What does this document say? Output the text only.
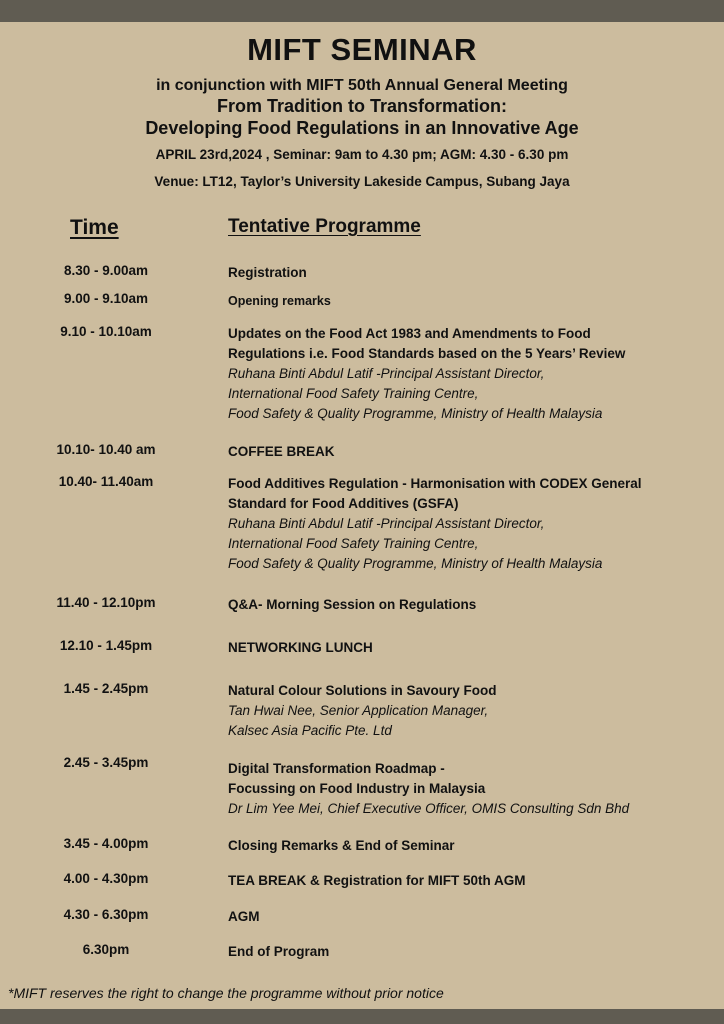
MIFT SEMINAR
in conjunction with MIFT 50th Annual General Meeting
From Tradition to Transformation:
Developing Food Regulations in an Innovative Age
APRIL 23rd,2024 , Seminar: 9am to 4.30 pm; AGM: 4.30 - 6.30 pm
Venue: LT12, Taylor’s University Lakeside Campus, Subang Jaya
Time	Tentative Programme
8.30 - 9.00am	Registration
9.00 - 9.10am	Opening remarks
9.10 - 10.10am	Updates on the Food Act 1983 and Amendments to Food
Regulations i.e. Food Standards based on the 5 Years’ Review
Ruhana Binti Abdul Latif -Principal Assistant Director,
International Food Safety Training Centre,
Food Safety & Quality Programme, Ministry of Health Malaysia
10.10- 10.40 am	COFFEE BREAK
10.40- 11.40am	Food Additives Regulation - Harmonisation with CODEX General
Standard for Food Additives (GSFA)
Ruhana Binti Abdul Latif -Principal Assistant Director,
International Food Safety Training Centre,
Food Safety & Quality Programme, Ministry of Health Malaysia
11.40 - 12.10pm	Q&A- Morning Session on Regulations
12.10 - 1.45pm	NETWORKING LUNCH
1.45 - 2.45pm	Natural Colour Solutions in Savoury Food
Tan Hwai Nee, Senior Application Manager,
Kalsec Asia Pacific Pte. Ltd
2.45 - 3.45pm	Digital Transformation Roadmap -
Focussing on Food Industry in Malaysia
Dr Lim Yee Mei, Chief Executive Officer, OMIS Consulting Sdn Bhd
3.45 - 4.00pm	Closing Remarks & End of Seminar
4.00 - 4.30pm	TEA BREAK & Registration for MIFT 50th AGM
4.30 - 6.30pm	AGM
6.30pm	End of Program
*MIFT reserves the right to change the programme without prior notice
